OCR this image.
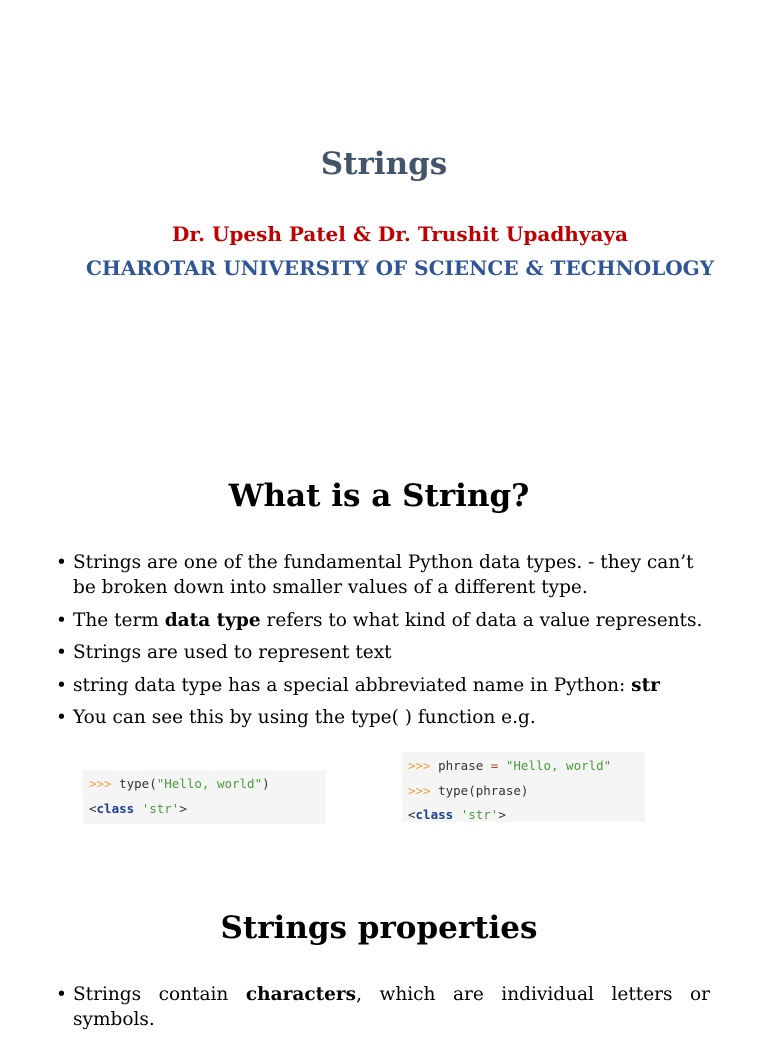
Strings
Dr. Upesh Patel & Dr. Trushit Upadhyaya
CHAROTAR UNIVERSITY OF SCIENCE & TECHNOLOGY
What is a String?
• Strings are one of the fundamental Python data types. - they can’t be broken down into smaller values of a different type.
• The term data type refers to what kind of data a value represents.
• Strings are used to represent text
• string data type has a special abbreviated name in Python: str
• You can see this by using the type( ) function e.g.
>>> type("Hello, world")
<class 'str'>
>>> phrase = "Hello, world"
>>> type(phrase)
<class 'str'>
Strings properties
• Strings contain characters, which are individual letters or symbols.
